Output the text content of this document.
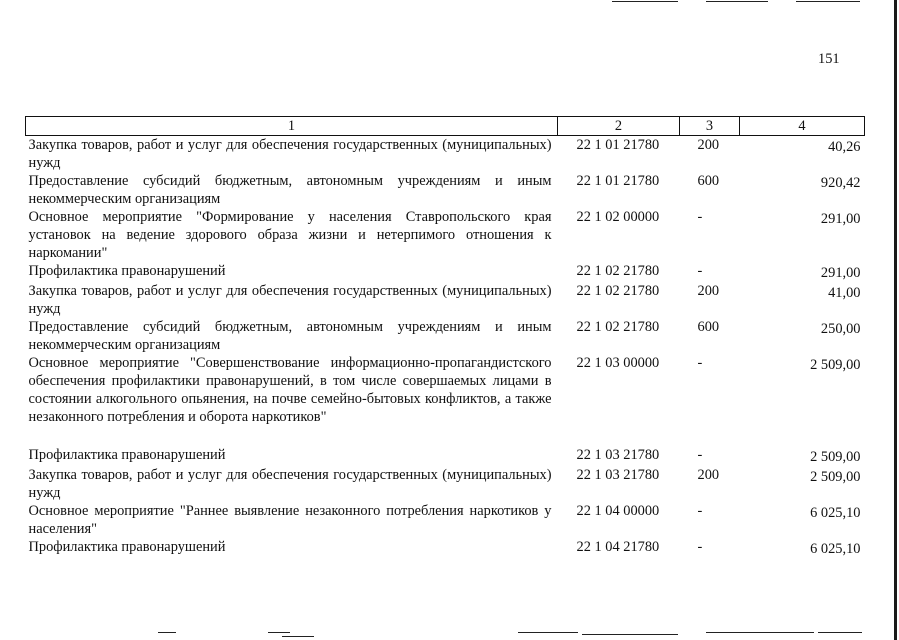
151
1	2	3	4
Закупка товаров, работ и услуг для обеспечения государственных (муниципальных) нужд	22 1 01 21780	200	40,26
Предоставление субсидий бюджетным, автономным учреждениям и иным некоммерческим организациям	22 1 01 21780	600	920,42
Основное мероприятие "Формирование у населения Ставропольского края установок на ведение здорового образа жизни и нетерпимого отношения к наркомании"	22 1 02 00000	-	291,00
Профилактика правонарушений	22 1 02 21780	-	291,00
Закупка товаров, работ и услуг для обеспечения государственных (муниципальных) нужд	22 1 02 21780	200	41,00
Предоставление субсидий бюджетным, автономным учреждениям и иным некоммерческим организациям	22 1 02 21780	600	250,00
Основное мероприятие "Совершенствование информационно-пропагандистского обеспечения профилактики правонарушений, в том числе совершаемых лицами в состоянии алкогольного опьянения, на почве семейно-бытовых конфликтов, а также незаконного потребления и оборота наркотиков"	22 1 03 00000	-	2 509,00

Профилактика правонарушений	22 1 03 21780	-	2 509,00
Закупка товаров, работ и услуг для обеспечения государственных (муниципальных) нужд	22 1 03 21780	200	2 509,00
Основное мероприятие "Раннее выявление незаконного потребления наркотиков у населения"	22 1 04 00000	-	6 025,10
Профилактика правонарушений	22 1 04 21780	-	6 025,10
